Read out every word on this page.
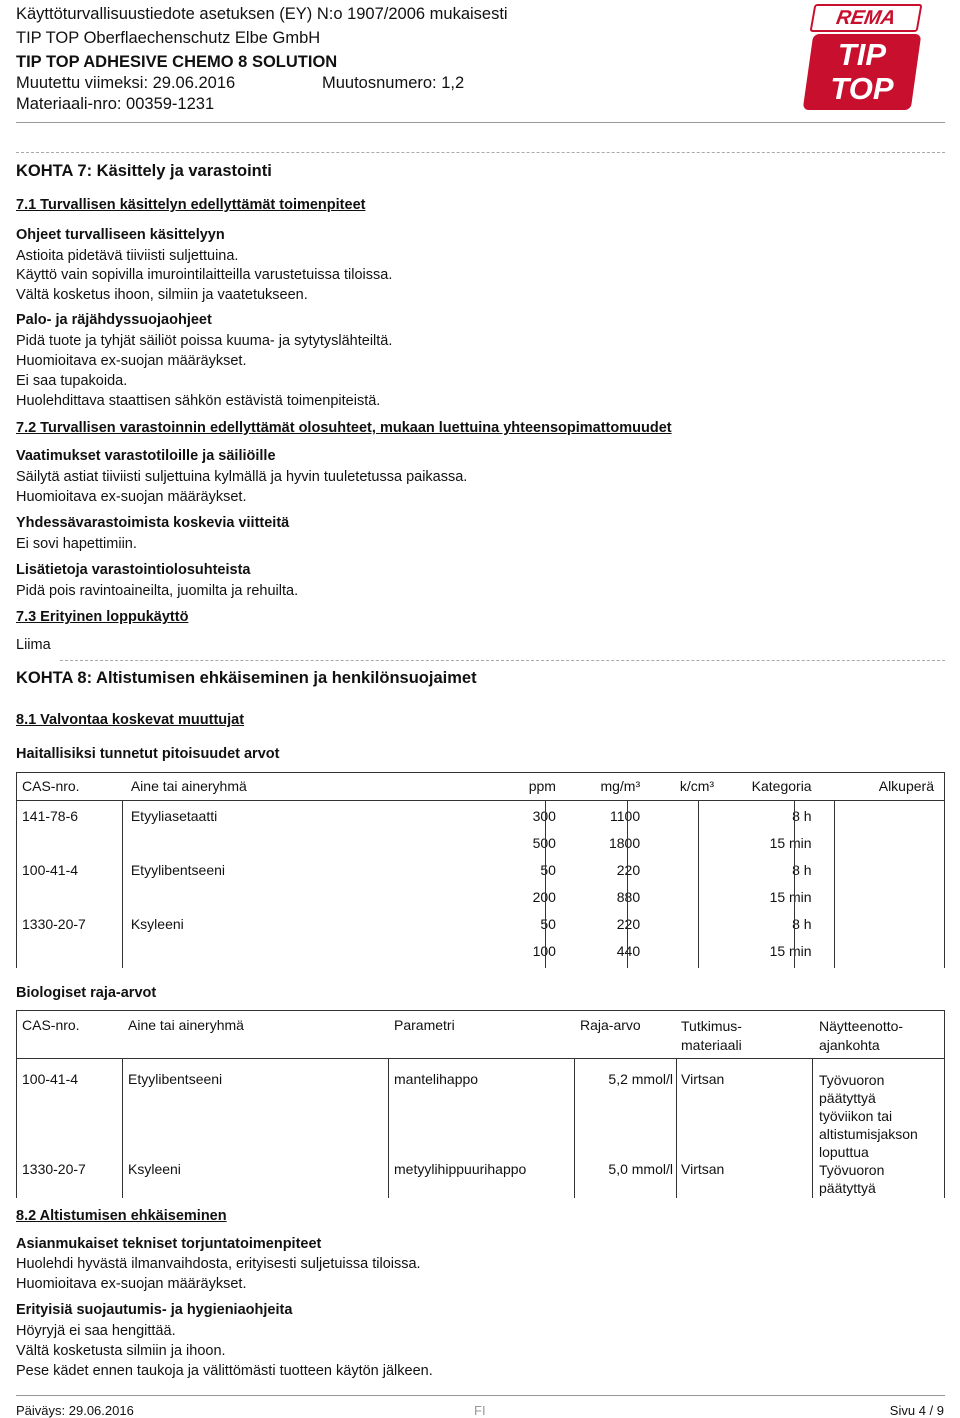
Käyttöturvallisuustiedote asetuksen (EY) N:o 1907/2006 mukaisesti
TIP TOP Oberflaechenschutz Elbe GmbH
TIP TOP ADHESIVE CHEMO 8 SOLUTION
Muutettu viimeksi: 29.06.2016	Muutosnumero: 1,2
Materiaali-nro: 00359-1231
REMA
TIP TOP
KOHTA 7: Käsittely ja varastointi
7.1 Turvallisen käsittelyn edellyttämät toimenpiteet
Ohjeet turvalliseen käsittelyyn
Astioita pidetävä tiiviisti suljettuina.
Käyttö vain sopivilla imurointilaitteilla varustetuissa tiloissa.
Vältä kosketus ihoon, silmiin ja vaatetukseen.
Palo- ja räjähdyssuojaohjeet
Pidä tuote ja tyhjät säiliöt poissa kuuma- ja sytytyslähteiltä.
Huomioitava ex-suojan määräykset.
Ei saa tupakoida.
Huolehdittava staattisen sähkön estävistä toimenpiteistä.
7.2 Turvallisen varastoinnin edellyttämät olosuhteet, mukaan luettuina yhteensopimattomuudet
Vaatimukset varastotiloille ja säiliöille
Säilytä astiat tiiviisti suljettuina kylmällä ja hyvin tuuletetussa paikassa.
Huomioitava ex-suojan määräykset.
Yhdessävarastoimista koskevia viitteitä
Ei sovi hapettimiin.
Lisätietoja varastointiolosuhteista
Pidä pois ravintoaineilta, juomilta ja rehuilta.
7.3 Erityinen loppukäyttö
Liima
KOHTA 8: Altistumisen ehkäiseminen ja henkilönsuojaimet
8.1 Valvontaa koskevat muuttujat
Haitallisiksi tunnetut pitoisuudet arvot
CAS-nro.	Aine tai aineryhmä	ppm	mg/m³	k/cm³	Kategoria	Alkuperä
141-78-6	Etyyliasetaatti	300	1100		8 h	
		500	1800		15 min	
100-41-4	Etyylibentseeni	50	220		8 h	
		200	880		15 min	
1330-20-7	Ksyleeni	50	220		8 h	
		100	440		15 min	
Biologiset raja-arvot
CAS-nro.	Aine tai aineryhmä	Parametri	Raja-arvo	Tutkimus-
materiaali	Näytteenotto-
ajankohta
100-41-4	Etyylibentseeni	mantelihappo	5,2 mmol/l	Virtsan	Työvuoron
päätyttyä
työviikon tai
altistumisjakson
loputtua

1330-20-7	Ksyleeni	metyylihippuurihappo	5,0 mmol/l	Virtsan	Työvuoron
päätyttyä
8.2 Altistumisen ehkäiseminen
Asianmukaiset tekniset torjuntatoimenpiteet
Huolehdi hyvästä ilmanvaihdosta, erityisesti suljetuissa tiloissa.
Huomioitava ex-suojan määräykset.
Erityisiä suojautumis- ja hygieniaohjeita
Höyryjä ei saa hengittää.
Vältä kosketusta silmiin ja ihoon.
Pese kädet ennen taukoja ja välittömästi tuotteen käytön jälkeen.
Päiväys: 29.06.2016	FI	Sivu 4 / 9
